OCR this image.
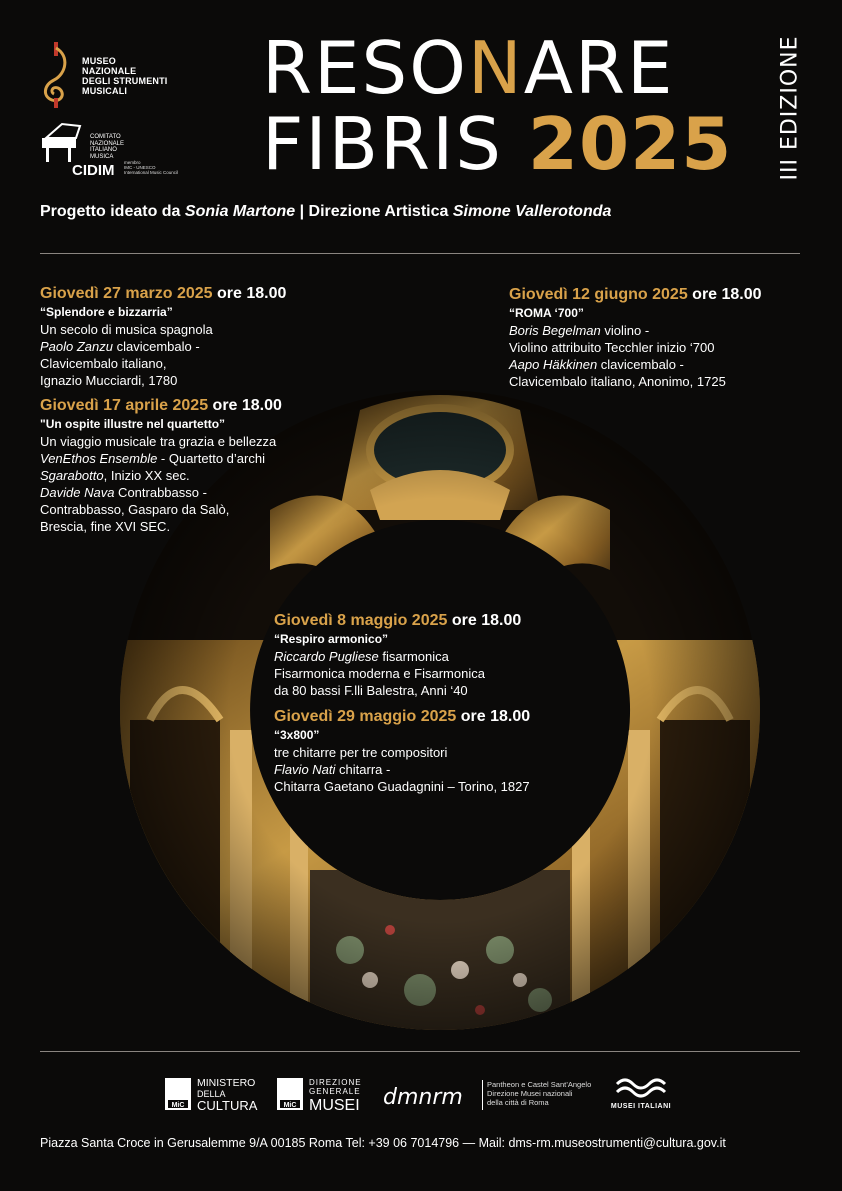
MUSEO
NAZIONALE
DEGLI STRUMENTI
MUSICALI
COMITATO
NAZIONALE
ITALIANO
MUSICA
CIDIM membro
IMC - UNESCO
International Music Council
RESONARE
FIBRIS 2025 III EDIZIONE
Progetto ideato da Sonia Martone | Direzione Artistica Simone Vallerotonda
Giovedì 27 marzo 2025 ore 18.00
“Splendore e bizzarria”
Un secolo di musica spagnola
Paolo Zanzu clavicembalo -
Clavicembalo italiano,
Ignazio Mucciardi, 1780
Giovedì 12 giugno 2025 ore 18.00
“ROMA ‘700”
Boris Begelman violino -
Violino attribuito Tecchler inizio ‘700
Aapo Häkkinen clavicembalo -
Clavicembalo italiano, Anonimo, 1725
Giovedì 17 aprile 2025 ore 18.00
"Un ospite illustre nel quartetto”
Un viaggio musicale tra grazia e bellezza
VenEthos Ensemble - Quartetto d’archi
Sgarabotto, Inizio XX sec.
Davide Nava Contrabbasso -
Contrabbasso, Gasparo da Salò,
Brescia, fine XVI SEC.
Giovedì 8 maggio 2025 ore 18.00
“Respiro armonico”
Riccardo Pugliese fisarmonica
Fisarmonica moderna e Fisarmonica
da 80 bassi F.lli Balestra, Anni ‘40
Giovedì 29 maggio 2025 ore 18.00
“3x800”
tre chitarre per tre compositori
Flavio Nati chitarra -
Chitarra Gaetano Guadagnini – Torino, 1827
MiC
MINISTERO
DELLA
CULTURA	MiC
DIREZIONE
GENERALE
MUSEI dmnrm
Pantheon e Castel Sant’Angelo
Direzione Musei nazionali
della città di Roma	MUSEI ITALIANI
Piazza Santa Croce in Gerusalemme 9/A 00185 Roma Tel: +39 06 7014796 — Mail: dms-rm.museostrumenti@cultura.gov.it
